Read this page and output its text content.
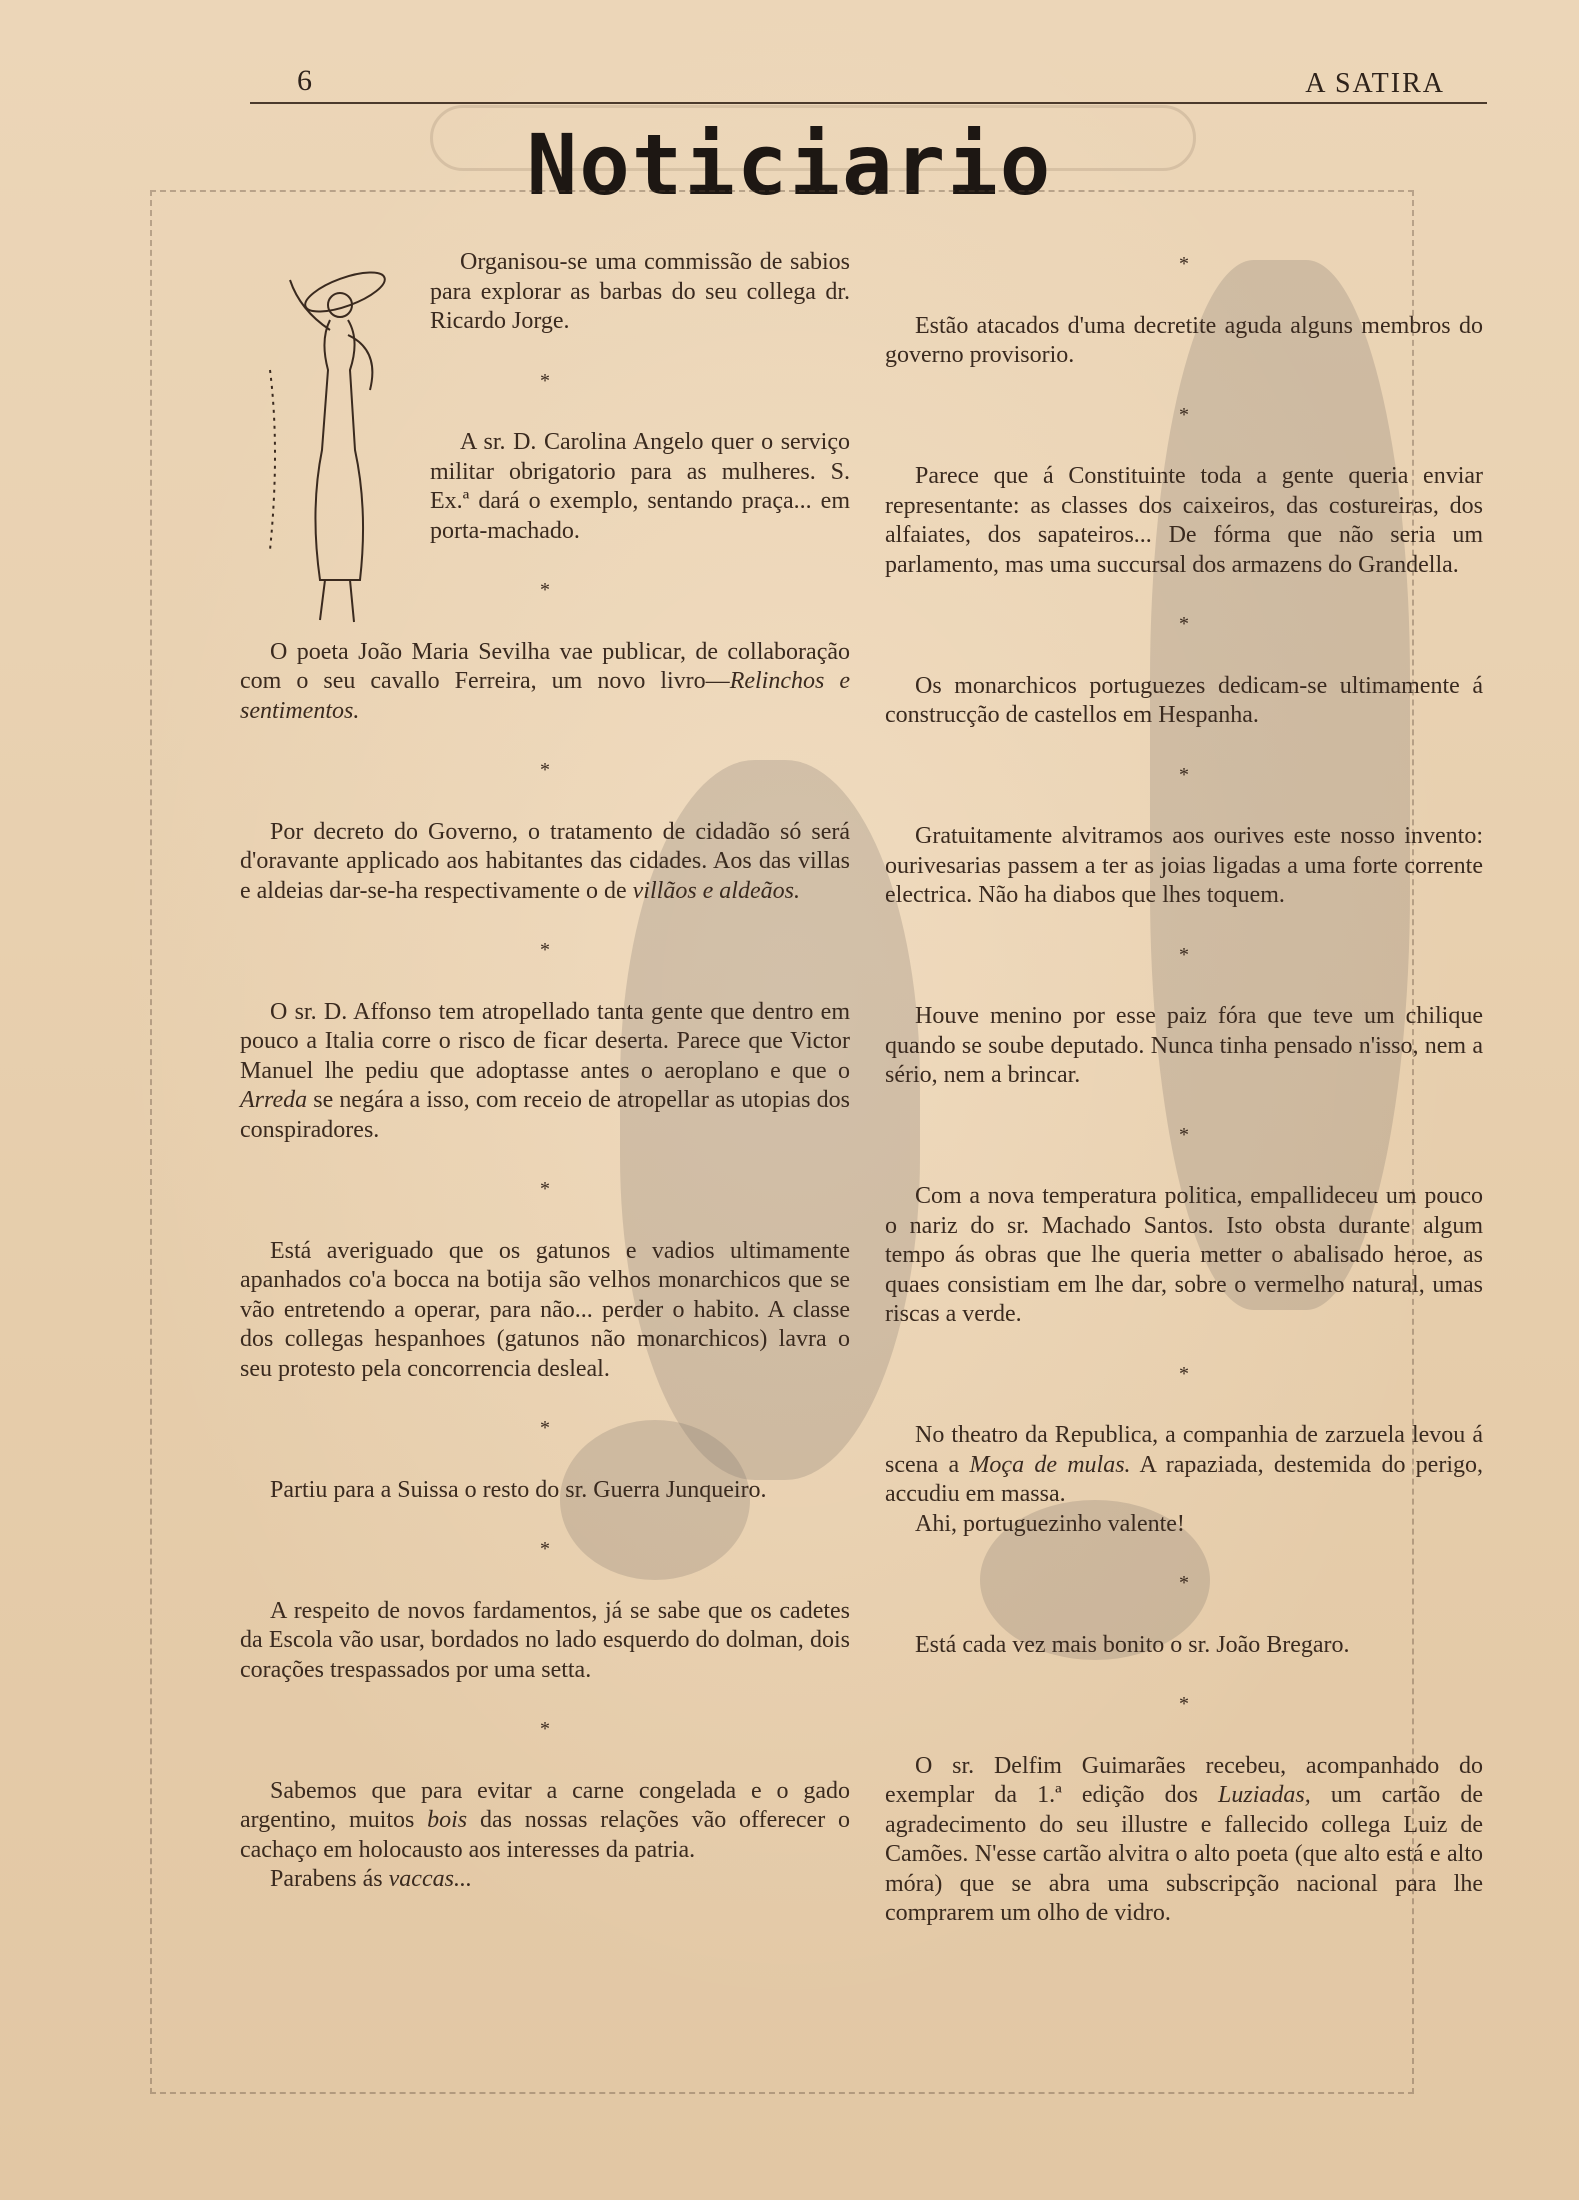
6	A SATIRA
Noticiario

Organisou-se uma commissão de sabios para explorar as barbas do seu collega dr. Ricardo Jorge.

*

A sr. D. Carolina Angelo quer o serviço militar obrigatorio para as mulheres. S. Ex.ª dará o exemplo, sentando praça... em porta-machado.

*

O poeta João Maria Sevilha vae publicar, de collaboração com o seu cavallo Ferreira, um novo livro—Relinchos e sentimentos.

*

Por decreto do Governo, o tratamento de cidadão só será d'oravante applicado aos habitantes das cidades. Aos das villas e aldeias dar-se-ha respectivamente o de villãos e aldeãos.

*

O sr. D. Affonso tem atropellado tanta gente que dentro em pouco a Italia corre o risco de ficar deserta. Parece que Victor Manuel lhe pediu que adoptasse antes o aeroplano e que o Arreda se negára a isso, com receio de atropellar as utopias dos conspiradores.

*

Está averiguado que os gatunos e vadios ultimamente apanhados co'a bocca na botija são velhos monarchicos que se vão entretendo a operar, para não... perder o habito. A classe dos collegas hespanhoes (gatunos não monarchicos) lavra o seu protesto pela concorrencia desleal.

*

Partiu para a Suissa o resto do sr. Guerra Junqueiro.

*

A respeito de novos fardamentos, já se sabe que os cadetes da Escola vão usar, bordados no lado esquerdo do dolman, dois corações trespassados por uma setta.

*

Sabemos que para evitar a carne congelada e o gado argentino, muitos bois das nossas relações vão offerecer o cachaço em holocausto aos interesses da patria.

Parabens ás vaccas...

*

Estão atacados d'uma decretite aguda alguns membros do governo provisorio.

*

Parece que á Constituinte toda a gente queria enviar representante: as classes dos caixeiros, das costureiras, dos alfaiates, dos sapateiros... De fórma que não seria um parlamento, mas uma succursal dos armazens do Grandella.

*

Os monarchicos portuguezes dedicam-se ultimamente á construcção de castellos em Hespanha.

*

Gratuitamente alvitramos aos ourives este nosso invento: ourivesarias passem a ter as joias ligadas a uma forte corrente electrica. Não ha diabos que lhes toquem.

*

Houve menino por esse paiz fóra que teve um chilique quando se soube deputado. Nunca tinha pensado n'isso, nem a sério, nem a brincar.

*

Com a nova temperatura politica, empallideceu um pouco o nariz do sr. Machado Santos. Isto obsta durante algum tempo ás obras que lhe queria metter o abalisado heroe, as quaes consistiam em lhe dar, sobre o vermelho natural, umas riscas a verde.

*

No theatro da Republica, a companhia de zarzuela levou á scena a Moça de mulas. A rapaziada, destemida do perigo, accudiu em massa.

Ahi, portuguezinho valente!

*

Está cada vez mais bonito o sr. João Bregaro.

*

O sr. Delfim Guimarães recebeu, acompanhado do exemplar da 1.ª edição dos Luziadas, um cartão de agradecimento do seu illustre e fallecido collega Luiz de Camões. N'esse cartão alvitra o alto poeta (que alto está e alto móra) que se abra uma subscripção nacional para lhe comprarem um olho de vidro.
